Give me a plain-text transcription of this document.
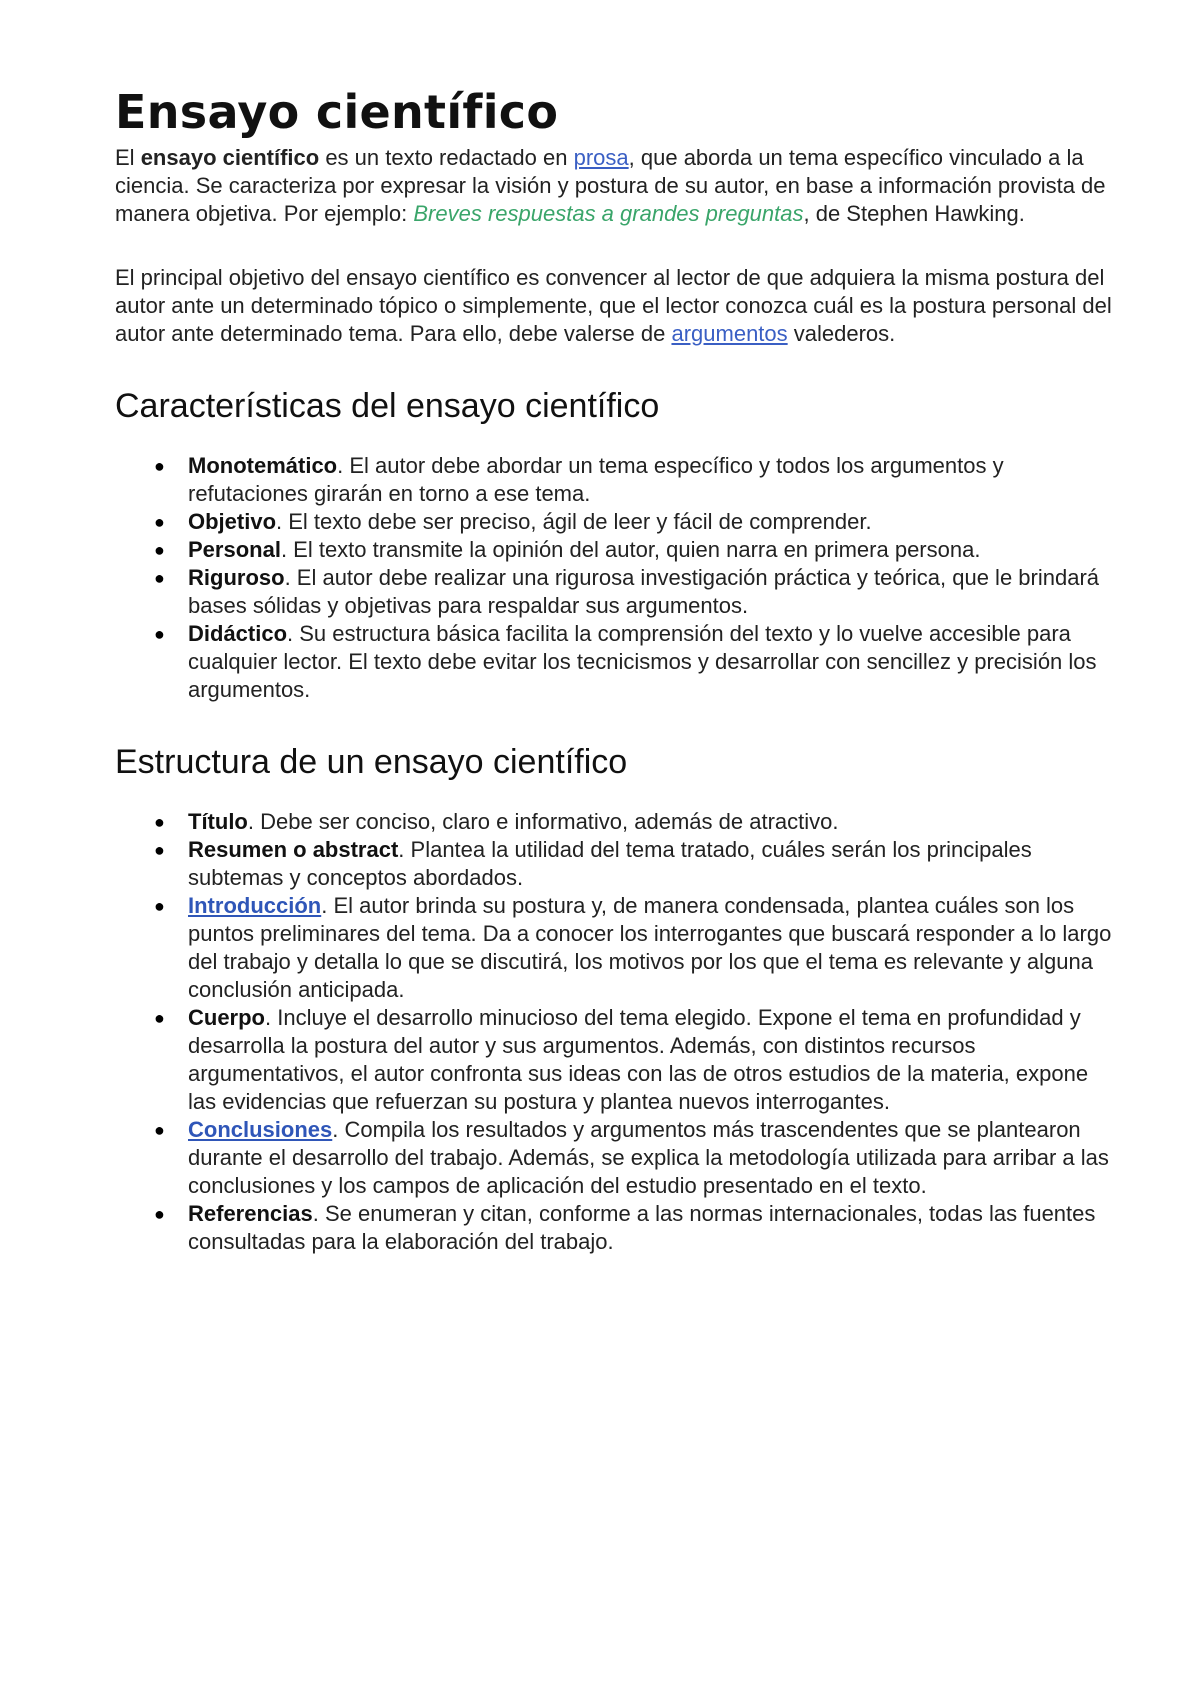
Ensayo científico

El ensayo científico es un texto redactado en prosa, que aborda un tema específico vinculado a la ciencia. Se caracteriza por expresar la visión y postura de su autor, en base a información provista de manera objetiva. Por ejemplo: Breves respuestas a grandes preguntas, de Stephen Hawking.

El principal objetivo del ensayo científico es convencer al lector de que adquiera la misma postura del autor ante un determinado tópico o simplemente, que el lector conozca cuál es la postura personal del autor ante determinado tema. Para ello, debe valerse de argumentos valederos.

Características del ensayo científico
● Monotemático. El autor debe abordar un tema específico y todos los argumentos y refutaciones girarán en torno a ese tema.
● Objetivo. El texto debe ser preciso, ágil de leer y fácil de comprender.
● Personal. El texto transmite la opinión del autor, quien narra en primera persona.
● Riguroso. El autor debe realizar una rigurosa investigación práctica y teórica, que le brindará bases sólidas y objetivas para respaldar sus argumentos.
● Didáctico. Su estructura básica facilita la comprensión del texto y lo vuelve accesible para cualquier lector. El texto debe evitar los tecnicismos y desarrollar con sencillez y precisión los argumentos.
Estructura de un ensayo científico
● Título. Debe ser conciso, claro e informativo, además de atractivo.
● Resumen o abstract. Plantea la utilidad del tema tratado, cuáles serán los principales subtemas y conceptos abordados.
● Introducción. El autor brinda su postura y, de manera condensada, plantea cuáles son los puntos preliminares del tema. Da a conocer los interrogantes que buscará responder a lo largo del trabajo y detalla lo que se discutirá, los motivos por los que el tema es relevante y alguna conclusión anticipada.
● Cuerpo. Incluye el desarrollo minucioso del tema elegido. Expone el tema en profundidad y desarrolla la postura del autor y sus argumentos. Además, con distintos recursos argumentativos, el autor confronta sus ideas con las de otros estudios de la materia, expone las evidencias que refuerzan su postura y plantea nuevos interrogantes.
● Conclusiones. Compila los resultados y argumentos más trascendentes que se plantearon durante el desarrollo del trabajo. Además, se explica la metodología utilizada para arribar a las conclusiones y los campos de aplicación del estudio presentado en el texto.
● Referencias. Se enumeran y citan, conforme a las normas internacionales, todas las fuentes consultadas para la elaboración del trabajo.
